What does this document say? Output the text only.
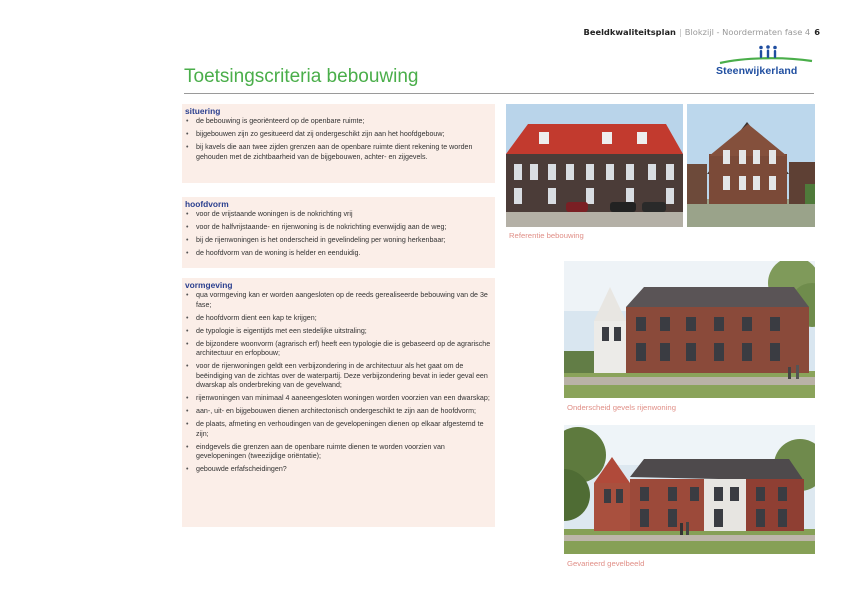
Beeldkwaliteitsplan | Blokzijl - Noordermaten fase 4 6
Steenwijkerland
Toetsingscriteria bebouwing
situering
• de bebouwing is georiënteerd op de openbare ruimte;
• bijgebouwen zijn zo gesitueerd dat zij ondergeschikt zijn aan het hoofdgebouw;
• bij kavels die aan twee zijden grenzen aan de openbare ruimte dient rekening te worden gehouden met de zichtbaarheid van de bijgebouwen, achter- en zijgevels.
hoofdvorm
• voor de vrijstaande woningen is de nokrichting vrij
• voor de halfvrijstaande- en rijenwoning is de nokrichting evenwijdig aan de weg;
• bij de rijenwoningen is het onderscheid in gevelindeling per woning herkenbaar;
• de hoofdvorm van de woning is helder en eenduidig.
vormgeving
• qua vormgeving kan er worden aangesloten op de reeds gerealiseerde bebouwing van de 3e fase;
• de hoofdvorm dient een kap te krijgen;
• de typologie is eigentijds met een stedelijke uitstraling;
• de bijzondere woonvorm (agrarisch erf) heeft een typologie die is gebaseerd op de agrarische architectuur en erfopbouw;
• voor de rijenwoningen geldt een verbijzondering in de architectuur als het gaat om de beëindiging van de zichtas over de waterpartij. Deze verbijzondering bevat in ieder geval een dwarskap als onderbreking van de gevelwand;
• rijenwoningen van minimaal 4 aaneengesloten woningen worden voorzien van een dwarskap;
• aan-, uit- en bijgebouwen dienen architectonisch ondergeschikt te zijn aan de hoofdvorm;
• de plaats, afmeting en verhoudingen van de gevelopeningen dienen op elkaar afgestemd te zijn;
• eindgevels die grenzen aan de openbare ruimte dienen te worden voorzien van gevelopeningen (tweezijdige oriëntatie);
• gebouwde erfafscheidingen?
Referentie bebouwing
Onderscheid gevels rijenwoning
Gevarieerd gevelbeeld
